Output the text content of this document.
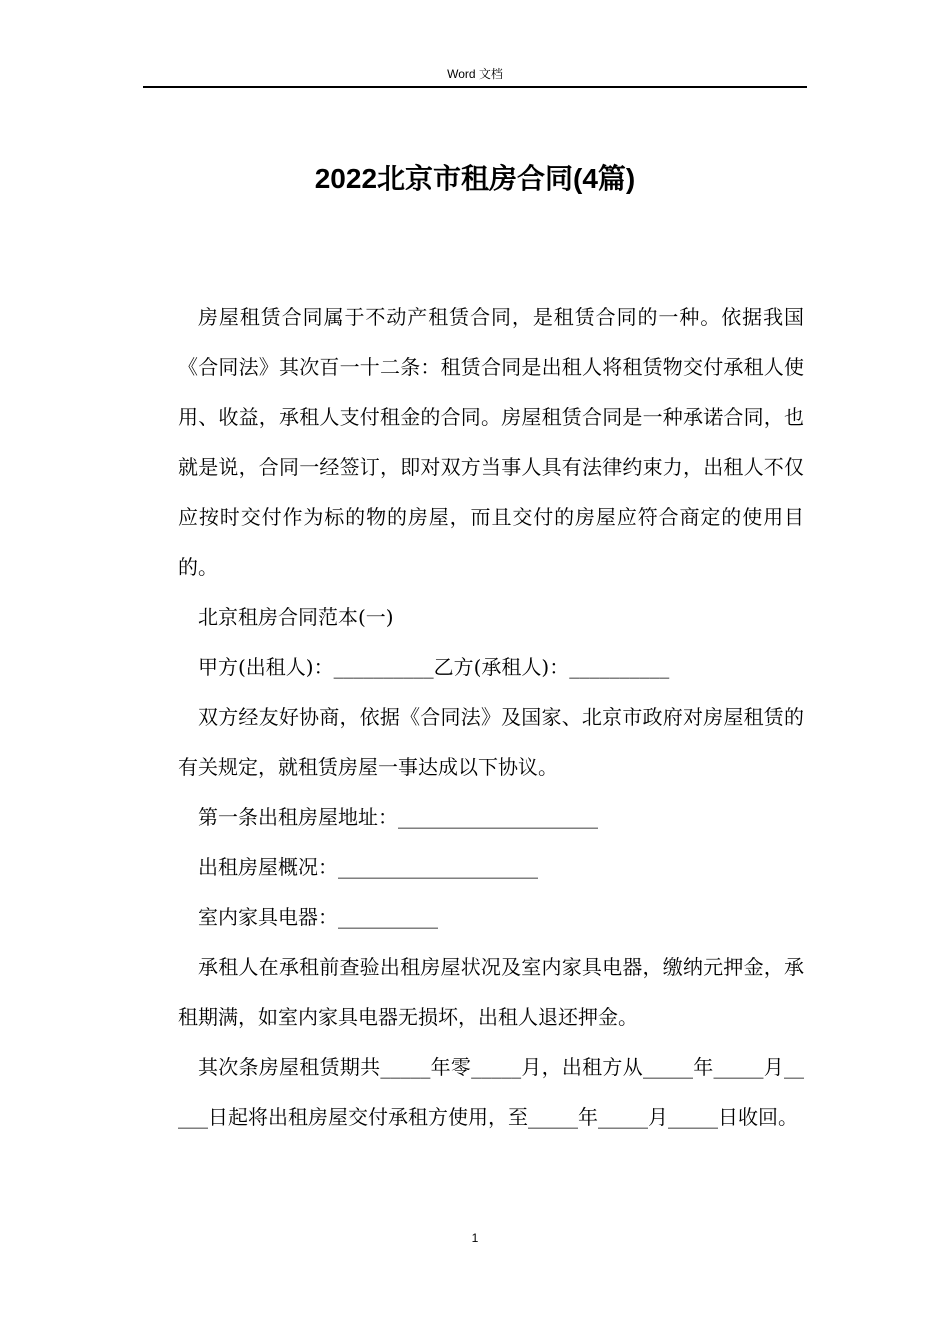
Word 文档
2022北京市租房合同(4篇)

房屋租赁合同属于不动产租赁合同，是租赁合同的一种。依据我国《合同法》其次百一十二条：租赁合同是出租人将租赁物交付承租人使用、收益，承租人支付租金的合同。房屋租赁合同是一种承诺合同，也就是说，合同一经签订，即对双方当事人具有法律约束力，出租人不仅应按时交付作为标的物的房屋，而且交付的房屋应符合商定的使用目的。

北京租房合同范本(一)

甲方(出租人)：__________乙方(承租人)：__________

双方经友好协商，依据《合同法》及国家、北京市政府对房屋租赁的有关规定，就租赁房屋一事达成以下协议。

第一条出租房屋地址：____________________

出租房屋概况：____________________

室内家具电器：__________

承租人在承租前查验出租房屋状况及室内家具电器，缴纳元押金，承租期满，如室内家具电器无损坏，出租人退还押金。

其次条房屋租赁期共_____年零_____月，出租方从_____年_____月_____日起将出租房屋交付承租方使用，至_____年_____月_____日收回。

1
